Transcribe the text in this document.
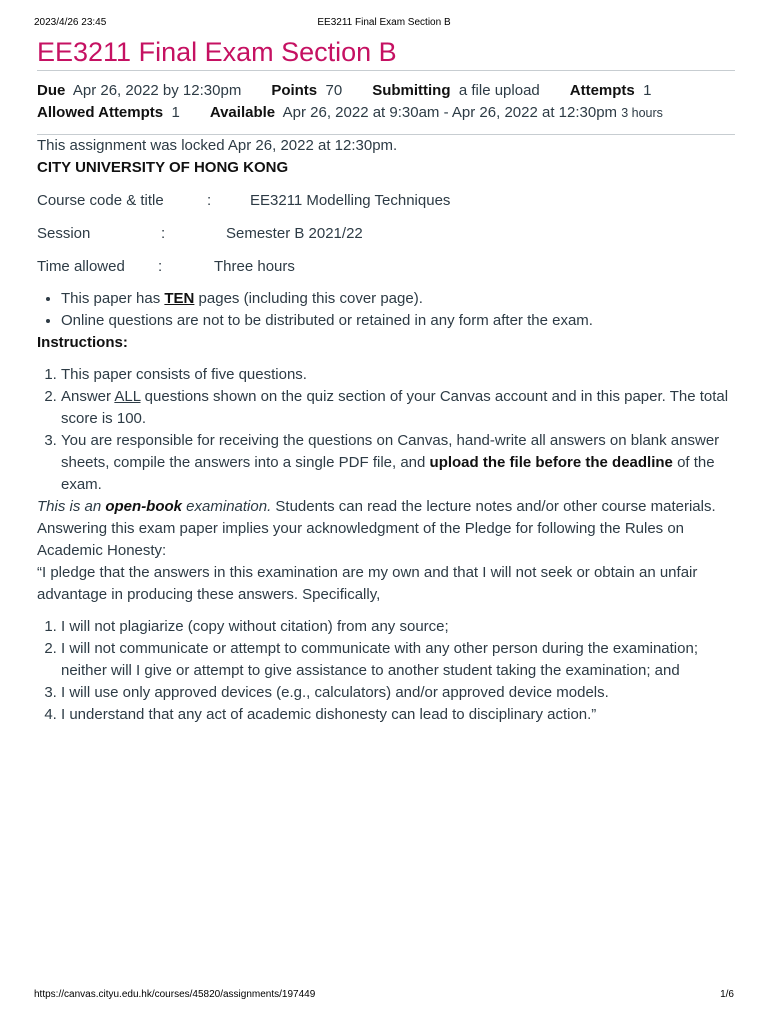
2023/4/26 23:45	EE3211 Final Exam Section B
EE3211 Final Exam Section B
Due Apr 26, 2022 by 12:30pm Points 70 Submitting a file upload Attempts 1
Allowed Attempts 1 Available Apr 26, 2022 at 9:30am - Apr 26, 2022 at 12:30pm 3 hours

This assignment was locked Apr 26, 2022 at 12:30pm.

CITY UNIVERSITY OF HONG KONG

Course code & title	:	EE3211 Modelling Techniques
Session	:	Semester B 2021/22
Time allowed :	Three hours
• This paper has TEN pages (including this cover page).
• Online questions are not to be distributed or retained in any form after the exam.

Instructions:

1. This paper consists of five questions.
2. Answer ALL questions shown on the quiz section of your Canvas account and in this paper. The total score is 100.
3. You are responsible for receiving the questions on Canvas, hand-write all answers on blank answer sheets, compile the answers into a single PDF file, and upload the file before the deadline of the exam.

This is an open-book examination. Students can read the lecture notes and/or other course materials.

Answering this exam paper implies your acknowledgment of the Pledge for following the Rules on Academic Honesty:

“I pledge that the answers in this examination are my own and that I will not seek or obtain an unfair advantage in producing these answers. Specifically,

1. I will not plagiarize (copy without citation) from any source;
2. I will not communicate or attempt to communicate with any other person during the examination; neither will I give or attempt to give assistance to another student taking the examination; and
3. I will use only approved devices (e.g., calculators) and/or approved device models.
4. I understand that any act of academic dishonesty can lead to disciplinary action.”
https://canvas.cityu.edu.hk/courses/45820/assignments/197449	1/6
